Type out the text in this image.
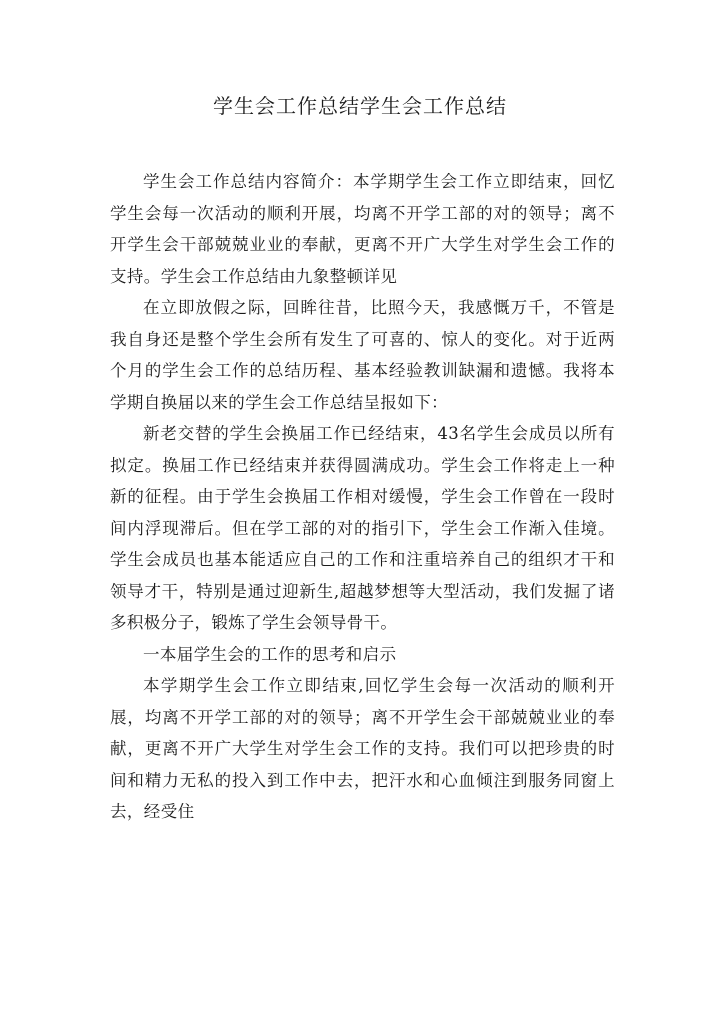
学生会工作总结学生会工作总结

学生会工作总结内容简介：本学期学生会工作立即结束，回忆学生会每一次活动的顺利开展，均离不开学工部的对的领导；离不开学生会干部兢兢业业的奉献，更离不开广大学生对学生会工作的支持。学生会工作总结由九象整顿详见

在立即放假之际，回眸往昔，比照今天，我感慨万千，不管是我自身还是整个学生会所有发生了可喜的、惊人的变化。对于近两个月的学生会工作的总结历程、基本经验教训缺漏和遗憾。我将本学期自换届以来的学生会工作总结呈报如下：

新老交替的学生会换届工作已经结束，43名学生会成员以所有拟定。换届工作已经结束并获得圆满成功。学生会工作将走上一种新的征程。由于学生会换届工作相对缓慢，学生会工作曾在一段时间内浮现滞后。但在学工部的对的指引下，学生会工作渐入佳境。学生会成员也基本能适应自己的工作和注重培养自己的组织才干和领导才干，特别是通过迎新生,超越梦想等大型活动，我们发掘了诸多积极分子，锻炼了学生会领导骨干。

一本届学生会的工作的思考和启示

本学期学生会工作立即结束,回忆学生会每一次活动的顺利开展，均离不开学工部的对的领导；离不开学生会干部兢兢业业的奉献，更离不开广大学生对学生会工作的支持。我们可以把珍贵的时间和精力无私的投入到工作中去，把汗水和心血倾注到服务同窗上去，经受住
